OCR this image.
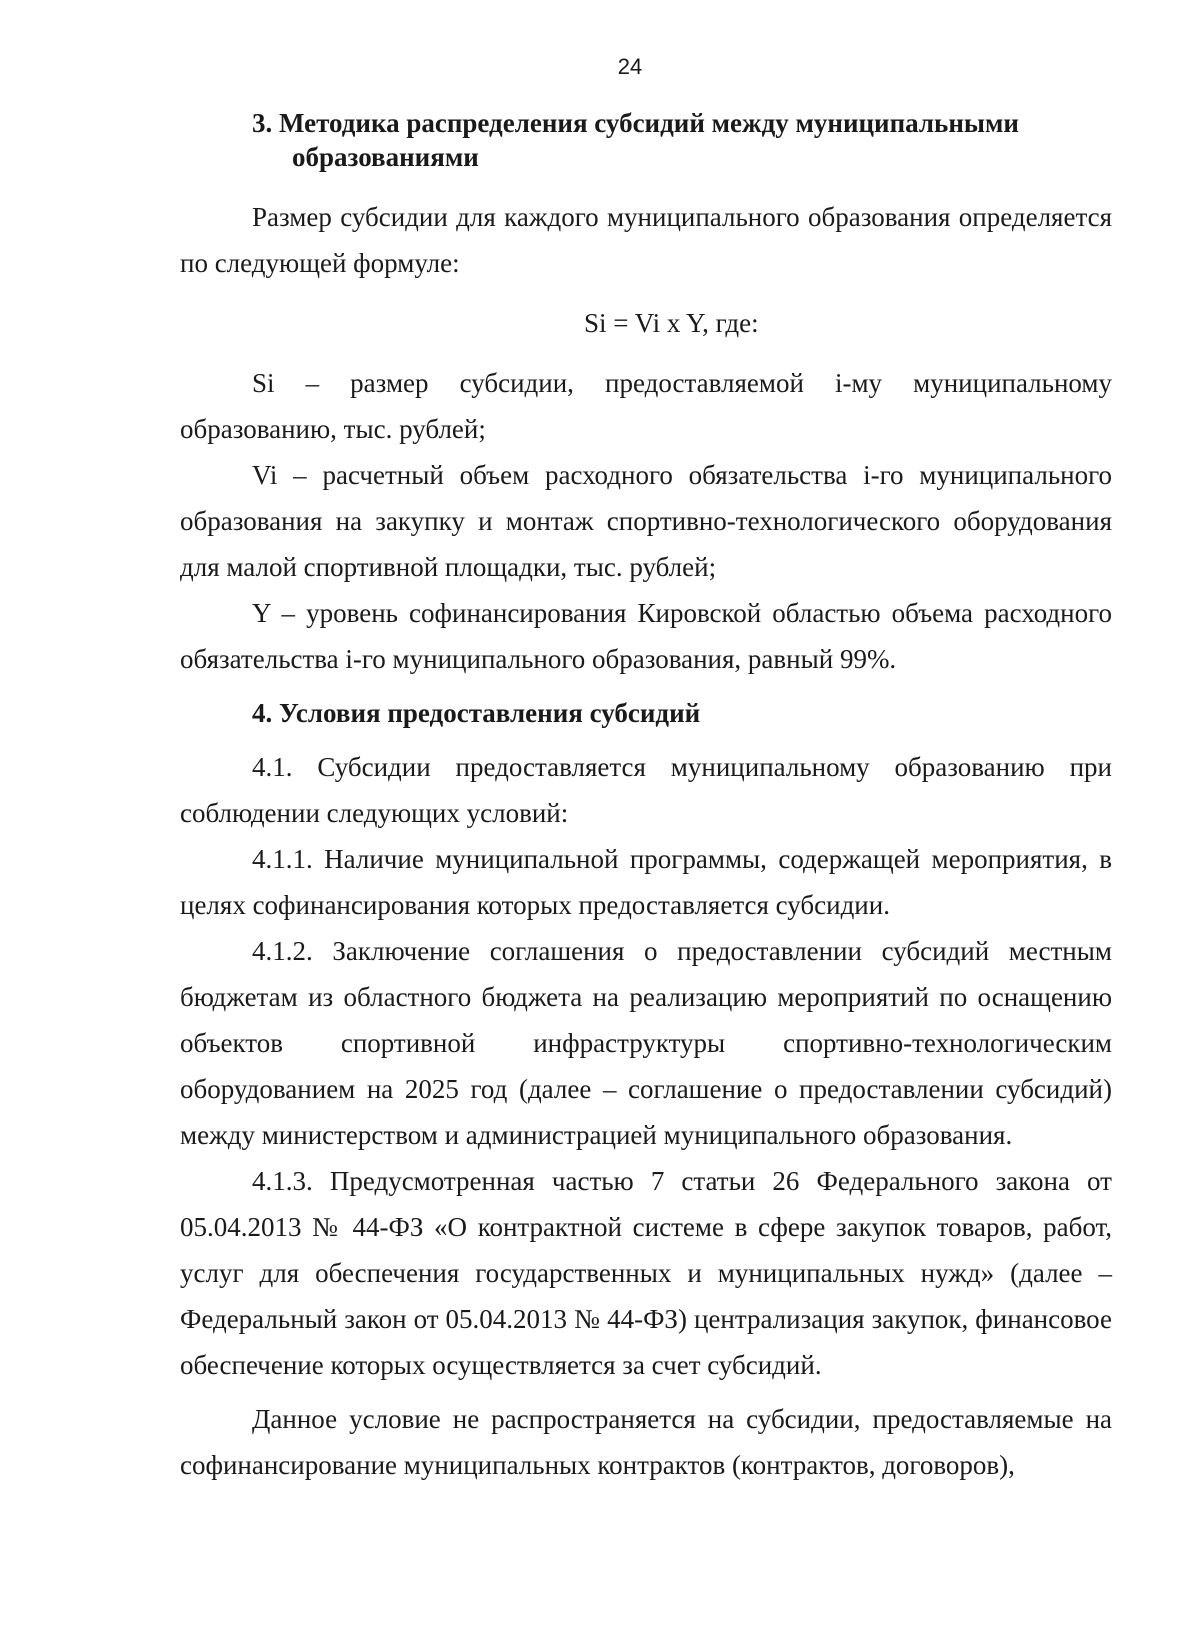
24
3. Методика распределения субсидий между муниципальными образованиями

Размер субсидии для каждого муниципального образования определяется по следующей формуле:

Si = Vi x Y, где:

Si – размер субсидии, предоставляемой i-му муниципальному образованию, тыс. рублей;

Vi – расчетный объем расходного обязательства i-го муниципального образования на закупку и монтаж спортивно-технологического оборудования для малой спортивной площадки, тыс. рублей;

Y – уровень софинансирования Кировской областью объема расходного обязательства i-го муниципального образования, равный 99%.

4. Условия предоставления субсидий

4.1. Субсидии предоставляется муниципальному образованию при соблюдении следующих условий:

4.1.1. Наличие муниципальной программы, содержащей мероприятия, в целях софинансирования которых предоставляется субсидии.

4.1.2. Заключение соглашения о предоставлении субсидий местным бюджетам из областного бюджета на реализацию мероприятий по оснащению объектов спортивной инфраструктуры спортивно-технологическим оборудованием на 2025 год (далее – соглашение о предоставлении субсидий) между министерством и администрацией муниципального образования.

4.1.3. Предусмотренная частью 7 статьи 26 Федерального закона от 05.04.2013 № 44-ФЗ «О контрактной системе в сфере закупок товаров, работ, услуг для обеспечения государственных и муниципальных нужд» (далее – Федеральный закон от 05.04.2013 № 44-ФЗ) централизация закупок, финансовое обеспечение которых осуществляется за счет субсидий.

Данное условие не распространяется на субсидии, предоставляемые на софинансирование муниципальных контрактов (контрактов, договоров),
